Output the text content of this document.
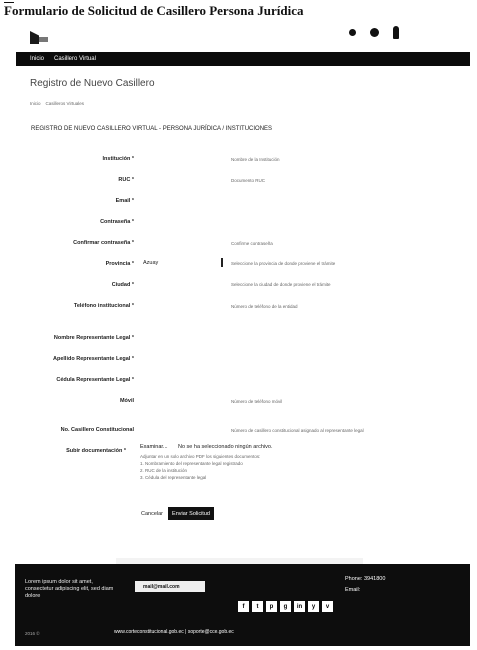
Formulario de Solicitud de Casillero Persona Jurídica
Inicio Casillero Virtual
Registro de Nuevo Casillero
Inicio Casilleros Virtuales
REGISTRO DE NUEVO CASILLERO VIRTUAL - PERSONA JURÍDICA / INSTITUCIONES
Institución *	Nombre de la Institución
RUC *	Documento RUC
Email *
Contraseña *
Confirmar contraseña *	Confirme contraseña
Provincia * Azuay	Seleccione la provincia de donde proviene el trámite
Ciudad *	Seleccione la ciudad de donde proviene el trámite
Teléfono institucional *	Número de teléfono de la entidad
Nombre Representante Legal *
Apellido Representante Legal *
Cédula Representante Legal *
Móvil	Número de teléfono móvil
No. Casillero Constitucional	Número de casillero constitucional asignado al representante legal
Subir documentación *
Examinar... No se ha seleccionado ningún archivo.
Adjuntar en un solo archivo PDF los siguientes documentos:
1. Nombramiento del representante legal registrado
2. RUC de la institución
3. Cédula del representante legal
Cancelar	Enviar Solicitud
Lorem ipsum dolor sit amet, consectetur adipiscing elit, sed diam dolore
mail@mail.com
f	t	p	g	in	y	v
Phone: 3941800
Email:
2016 ©	www.corteconstitucional.gob.ec | soporte@cce.gob.ec
